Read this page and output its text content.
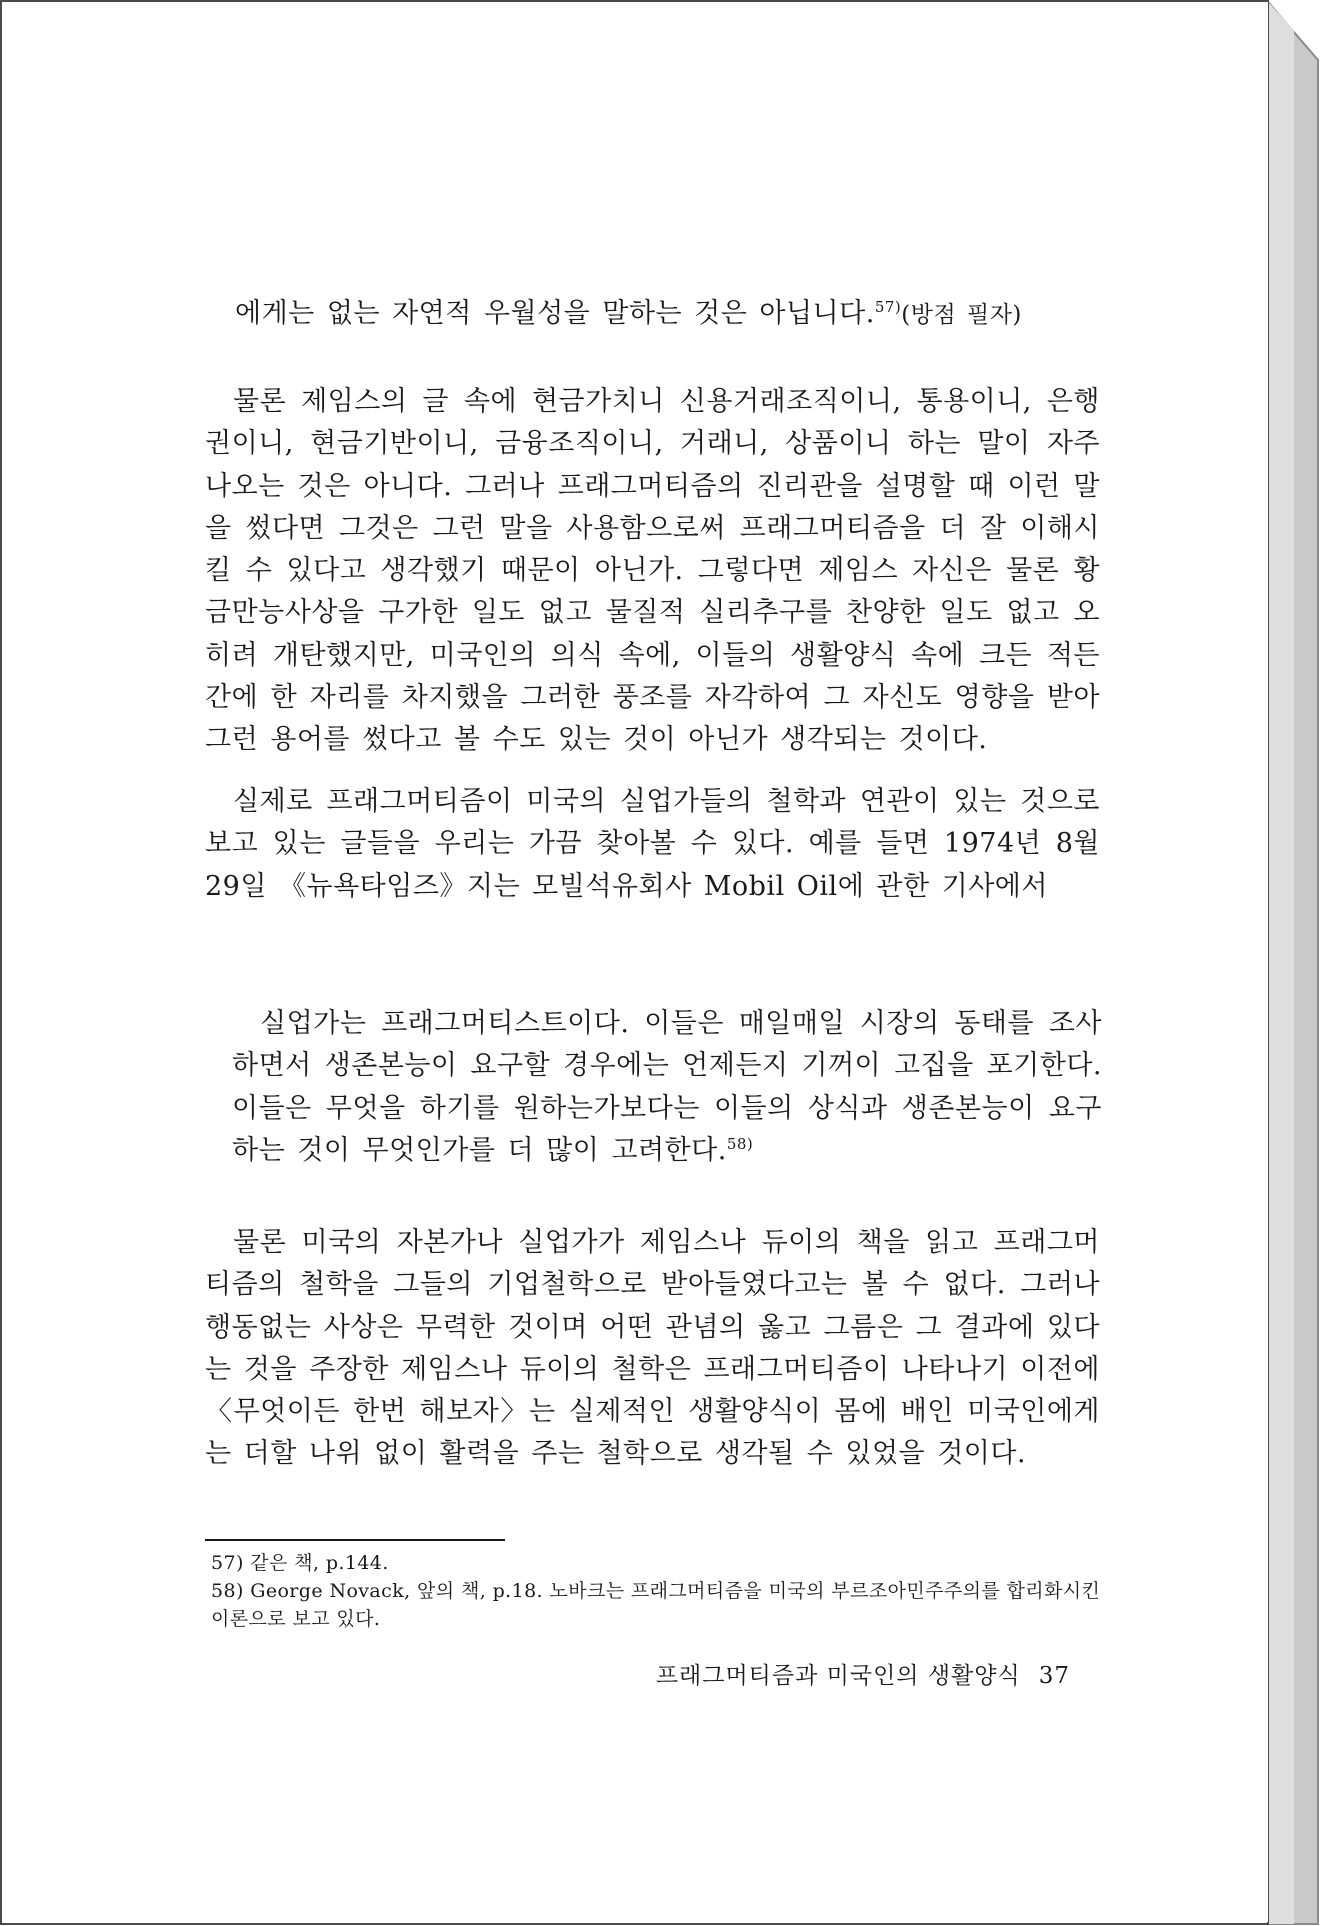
에게는 없는 자연적 우월성을 말하는 것은 아닙니다.$^{57)}$(방점 필자)

물론 제임스의 글 속에 현금가치니 신용거래조직이니, 통용이니, 은행권이니, 현금기반이니, 금융조직이니, 거래니, 상품이니 하는 말이 자주 나오는 것은 아니다. 그러나 프래그머티즘의 진리관을 설명할 때 이런 말을 썼다면 그것은 그런 말을 사용함으로써 프래그머티즘을 더 잘 이해시킬 수 있다고 생각했기 때문이 아닌가. 그렇다면 제임스 자신은 물론 황금만능사상을 구가한 일도 없고 물질적 실리추구를 찬양한 일도 없고 오히려 개탄했지만, 미국인의 의식 속에, 이들의 생활양식 속에 크든 적든간에 한 자리를 차지했을 그러한 풍조를 자각하여 그 자신도 영향을 받아 그런 용어를 썼다고 볼 수도 있는 것이 아닌가 생각되는 것이다.

실제로 프래그머티즘이 미국의 실업가들의 철학과 연관이 있는 것으로 보고 있는 글들을 우리는 가끔 찾아볼 수 있다. 예를 들면 1974년 8월 29일 《뉴욕타임즈》지는 모빌석유회사 Mobil Oil에 관한 기사에서

실업가는 프래그머티스트이다. 이들은 매일매일 시장의 동태를 조사하면서 생존본능이 요구할 경우에는 언제든지 기꺼이 고집을 포기한다. 이들은 무엇을 하기를 원하는가보다는 이들의 상식과 생존본능이 요구하는 것이 무엇인가를 더 많이 고려한다.$^{58)}$

물론 미국의 자본가나 실업가가 제임스나 듀이의 책을 읽고 프래그머티즘의 철학을 그들의 기업철학으로 받아들였다고는 볼 수 없다. 그러나 행동없는 사상은 무력한 것이며 어떤 관념의 옳고 그름은 그 결과에 있다는 것을 주장한 제임스나 듀이의 철학은 프래그머티즘이 나타나기 이전에 〈무엇이든 한번 해보자〉는 실제적인 생활양식이 몸에 배인 미국인에게는 더할 나위 없이 활력을 주는 철학으로 생각될 수 있었을 것이다.

57) 같은 책, p.144.

58) George Novack, 앞의 책, p.18. 노바크는 프래그머티즘을 미국의 부르조아민주주의를 합리화시킨 이론으로 보고 있다.

프래그머티즘과 미국인의 생활양식 37
